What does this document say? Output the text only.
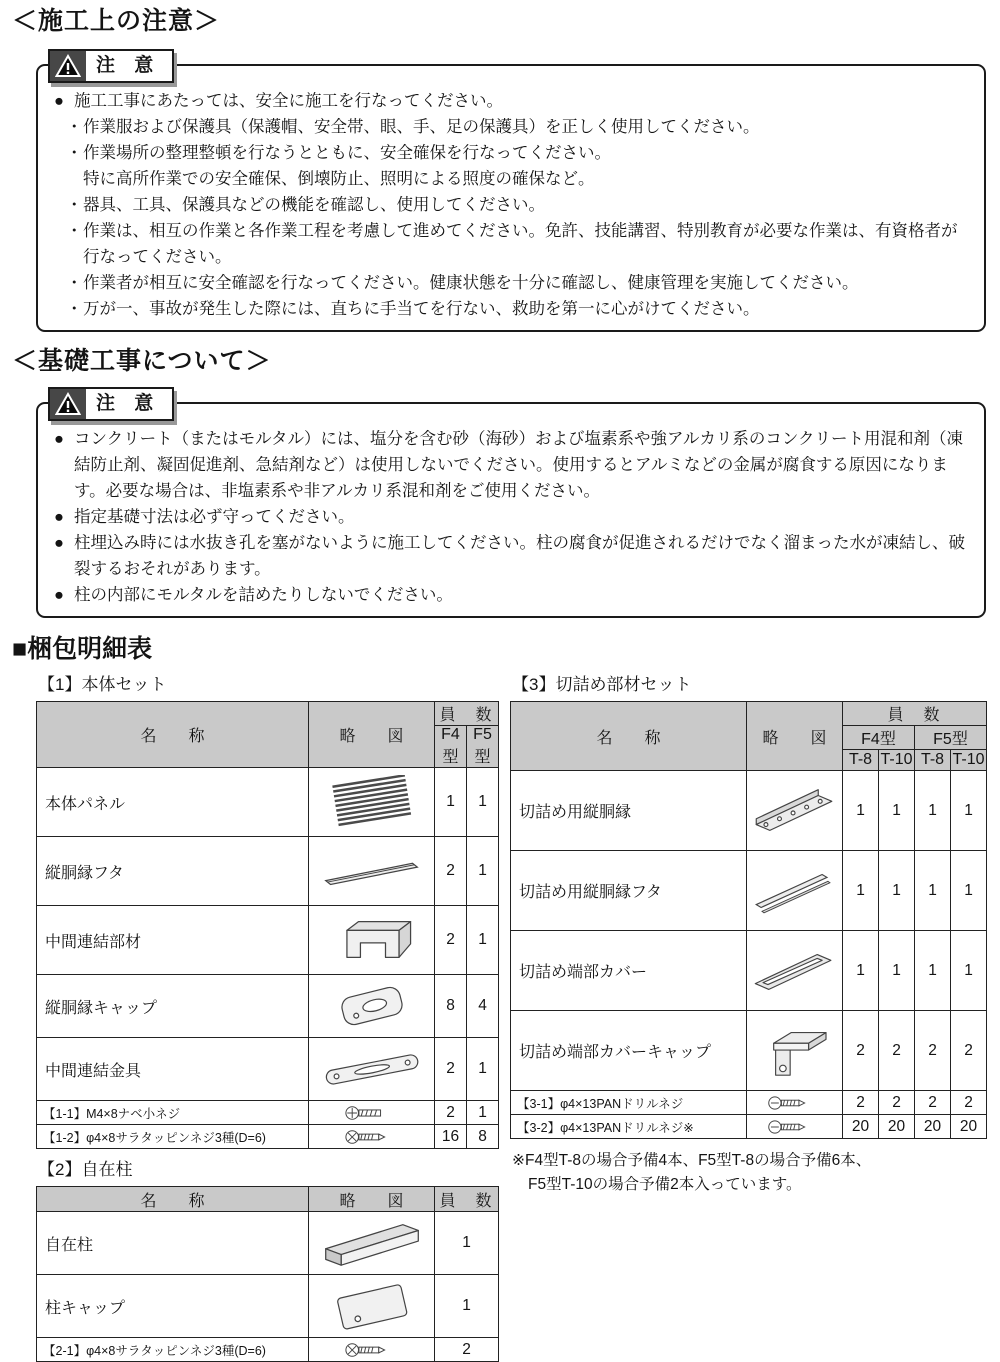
＜施工上の注意＞
注 意
● 施工工事にあたっては、安全に施工を行なってください。
・ 作業服および保護具（保護帽、安全帯、眼、手、足の保護具）を正しく使用してください。
・ 作業場所の整理整頓を行なうとともに、安全確保を行なってください。
特に高所作業での安全確保、倒壊防止、照明による照度の確保など。
・ 器具、工具、保護具などの機能を確認し、使用してください。
・ 作業は、相互の作業と各作業工程を考慮して進めてください。免許、技能講習、特別教育が必要な作業は、有資格者が行なってください。
・ 作業者が相互に安全確認を行なってください。健康状態を十分に確認し、健康管理を実施してください。
・ 万が一、事故が発生した際には、直ちに手当てを行ない、救助を第一に心がけてください。
＜基礎工事について＞
注 意
● コンクリート（またはモルタル）には、塩分を含む砂（海砂）および塩素系や強アルカリ系のコンクリート用混和剤（凍結防止剤、凝固促進剤、急結剤など）は使用しないでください。使用するとアルミなどの金属が腐食する原因になります。必要な場合は、非塩素系や非アルカリ系混和剤をご使用ください。
● 指定基礎寸法は必ず守ってください。
● 柱埋込み時には水抜き孔を塞がないように施工してください。柱の腐食が促進されるだけでなく溜まった水が凍結し、破裂するおそれがあります。
● 柱の内部にモルタルを詰めたりしないでください。
■梱包明細表
【1】本体セット
名　　称	略　　図	員　数	
		F4型	F5型
本体パネル		1	1
縦胴縁フタ		2	1
中間連結部材		2	1
縦胴縁キャップ		8	4
中間連結金具		2	1
【1-1】M4×8ナベ小ネジ		2	1
【1-2】φ4×8サラタッピンネジ3種(D=6)		16	8
【2】自在柱
名　　称	略　　図	員　数
自在柱		1
柱キャップ		1
【2-1】φ4×8サラタッピンネジ3種(D=6)		2
【3】切詰め部材セット
名　　称	略　　図	員　数			
		F4型		F5型	
		T-8	T-10	T-8	T-10
切詰め用縦胴縁		1	1	1	1
切詰め用縦胴縁フタ		1	1	1	1
切詰め端部カバー		1	1	1	1
切詰め端部カバーキャップ		2	2	2	2
【3-1】φ4×13PANドリルネジ		2	2	2	2
【3-2】φ4×13PANドリルネジ※		20	20	20	20
※F4型T-8の場合予備4本、F5型T-8の場合予備6本、
F5型T-10の場合予備2本入っています。
